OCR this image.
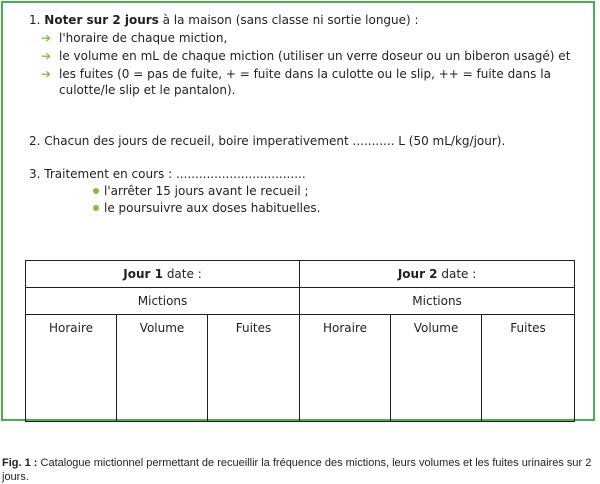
1. Noter sur 2 jours à la maison (sans classe ni sortie longue) :
➔ l'horaire de chaque miction,
➔ le volume en mL de chaque miction (utiliser un verre doseur ou un biberon usagé) et
➔ les fuites (0 = pas de fuite, + = fuite dans la culotte ou le slip, ++ = fuite dans la
culotte/le slip et le pantalon).
2. Chacun des jours de recueil, boire imperativement ........... L (50 mL/kg/jour).
3. Traitement en cours : ..................................
l'arrêter 15 jours avant le recueil ;
le poursuivre aux doses habituelles.
Jour 1 date :			Jour 2 date :		
Mictions			Mictions		
Horaire	Volume	Fuites	Horaire	Volume	Fuites
Fig. 1 : Catalogue mictionnel permettant de recueillir la fréquence des mictions, leurs volumes et les fuites urinaires sur 2 jours.
